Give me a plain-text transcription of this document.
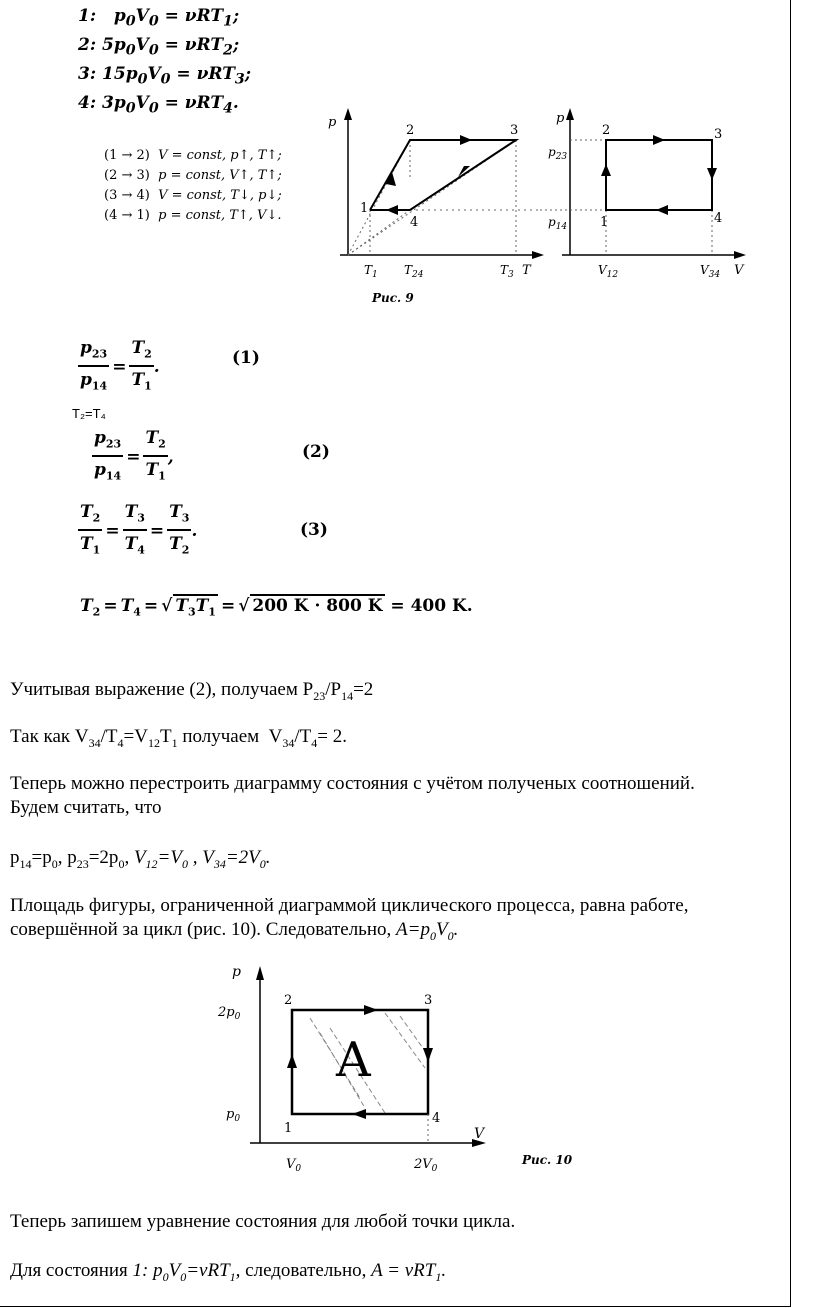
1:   $p_0V_0 = \nu RT_1$;
2: $5p_0V_0 = \nu RT_2$;
3: $15p_0V_0 = \nu RT_3$;
4: $3p_0V_0 = \nu RT_4$.
(1 → 2) V = const, p↑, T↑;
(2 → 3) p = const, V↑, T↑;
(3 → 4) V = const, T↓, p↓;
(4 → 1) p = const, T↑, V↓.
p
T
1
2	3
4
$T_1$ $T_{24}$	$T_3$
p
V
1
2	3
4
$p_{23}$
$p_{14}$
$V_{12}$	$V_{34}$
Рис. 9
$\frac{p_{23}}{p_{14}} = \frac{T_2}{T_1}$ .	(1)
T₂=T₄
$\frac{p_{23}}{p_{14}} = \frac{T_2}{T_1}$ ,	(2)
$\frac{T_2}{T_1} = \frac{T_3}{T_4} = \frac{T_3}{T_2}$ .	(3)
$T_2 = T_4$ = √ $T_3T_1$ = √ 200 K · 800 K = 400 K.
Учитывая выражение (2), получаем $P_{23}/P_{14}=2$
Так как $V_{34}/T_4=V_{12}T_1$ получаем  $V_{34}/T_4= 2$.
Теперь можно перестроить диаграмму состояния с учётом полученых соотношений.
Будем считать, что
$p_{14}=p_0$, $p_{23}=2p_0$, $V_{12}=V_0$ , $V_{34}=2V_0$.
Площадь фигуры, ограниченной диаграммой циклического процесса, равна работе,
совершённой за цикл (рис. 10). Следовательно, $A=p_0V_0$.
p
V
A
1
2	3
4
$2p_0$
$p_0$
$V_0$	$2V_0$
Рис. 10
Теперь запишем уравнение состояния для любой точки цикла.
Для состояния 1: $p_0V_0=\nu RT_1$, следовательно, A = νRT$_1$.
